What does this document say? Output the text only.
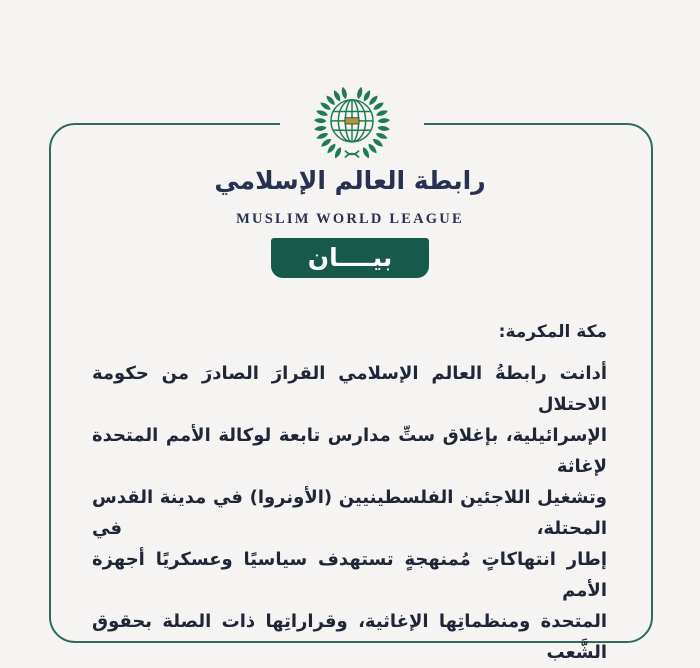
رابطة العالم الإسلامي
MUSLIM WORLD LEAGUE
بيــــان
مكة المكرمة:
أدانت رابطةُ العالم الإسلامي القرارَ الصادرَ من حكومة الاحتلال
الإسرائيلية، بإغلاق ستِّ مدارس تابعة لوكالة الأمم المتحدة لإغاثة
وتشغيل اللاجئين الفلسطينيين (الأونروا) في مدينة القدس المحتلة، في
إطار انتهاكاتٍ مُمنهجةٍ تستهدف سياسيًا وعسكريًا أجهزة الأمم
المتحدة ومنظماتِها الإغاثية، وقراراتِها ذات الصلة بحقوق الشَّعب
